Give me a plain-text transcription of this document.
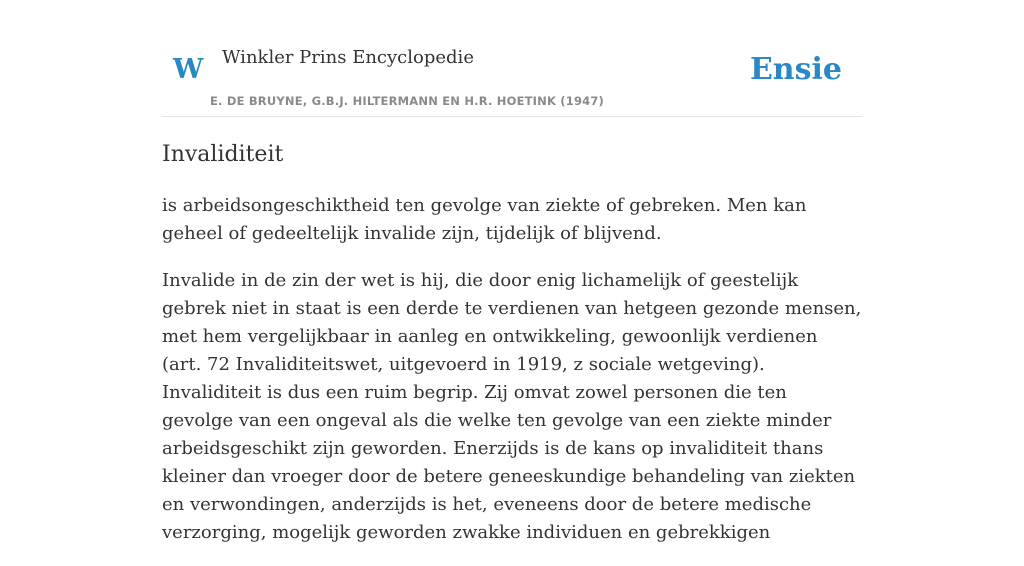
W Winkler Prins Encyclopedie
E. DE BRUYNE, G.B.J. HILTERMANN EN H.R. HOETINK (1947)
Ensie
Invaliditeit

is arbeidsongeschiktheid ten gevolge van ziekte of gebreken. Men kan geheel of gedeeltelijk invalide zijn, tijdelijk of blijvend.

Invalide in de zin der wet is hij, die door enig lichamelijk of geestelijk gebrek niet in staat is een derde te verdienen van hetgeen gezonde mensen, met hem vergelijkbaar in aanleg en ontwikkeling, gewoonlijk verdienen (art. 72 Invaliditeitswet, uitgevoerd in 1919, z sociale wetgeving). Invaliditeit is dus een ruim begrip. Zij omvat zowel personen die ten gevolge van een ongeval als die welke ten gevolge van een ziekte minder arbeidsgeschikt zijn geworden. Enerzijds is de kans op invaliditeit thans kleiner dan vroeger door de betere geneeskundige behandeling van ziekten en verwondingen, anderzijds is het, eveneens door de betere medische verzorging, mogelijk geworden zwakke individuen en gebrekkigen
